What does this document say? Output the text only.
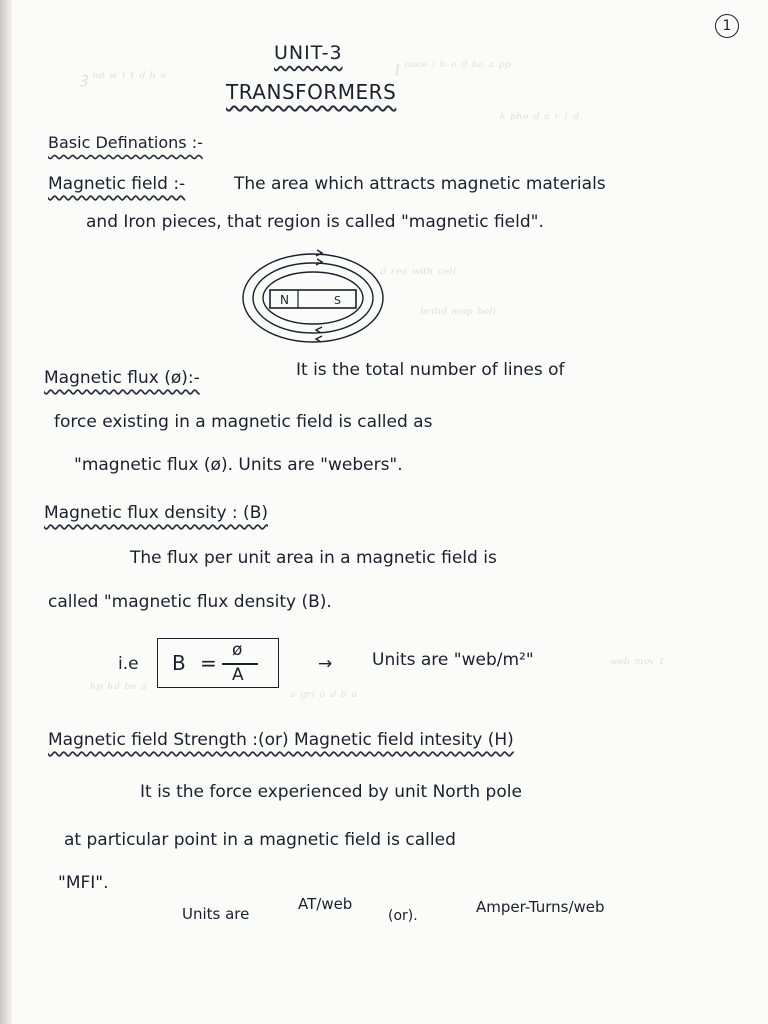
ꝫ ⁿᵈ ʷ ˡ ᵗ ᵈ ᵇ ᵉ
ꞁ ᵒᵘᶜᵉ ⁱ ᵇ ᵒ ᵈ ᵇᵃ ᵃ ᵖᵖ
ᵏ ᵖʰᵉ ᵈ ᵃ ʳ ˡ ᵈ
ᵈ ʳᵉᵃ ʷⁱᵗʰ ᶜᵉˡˡ
ᵇʳⁱˡⁱᵈ ᵐᵒᵖ ᵇᵒˡˡ
ʰᵖ ʰᵈ ᵇᵉ ᵃ	ᵃ ᵍʳⁱ ᵒ ᵈ ᵇ ᵃ
ʷᵉᵇ ᵐᵒᵛ ᵗ
1
UNIT-3
TRANSFORMERS
Basic Definations :-
Magnetic field :-	The area which attracts magnetic materials
and Iron pieces, that region is called "magnetic field".
N	S
Magnetic flux (ø):-	It is the total number of lines of
force existing in a magnetic field is called as
"magnetic flux (ø). Units are "webers".
Magnetic flux density : (B)
The flux per unit area in a magnetic field is
called "magnetic flux density (B).
i.e B =
ø
A
→ Units are "web/m²"
Magnetic field Strength :(or) Magnetic field intesity (H)
It is the force experienced by unit North pole
at particular point in a magnetic field is called
"MFI".
Units are
AT/web
(or).	Amper-Turns/web
